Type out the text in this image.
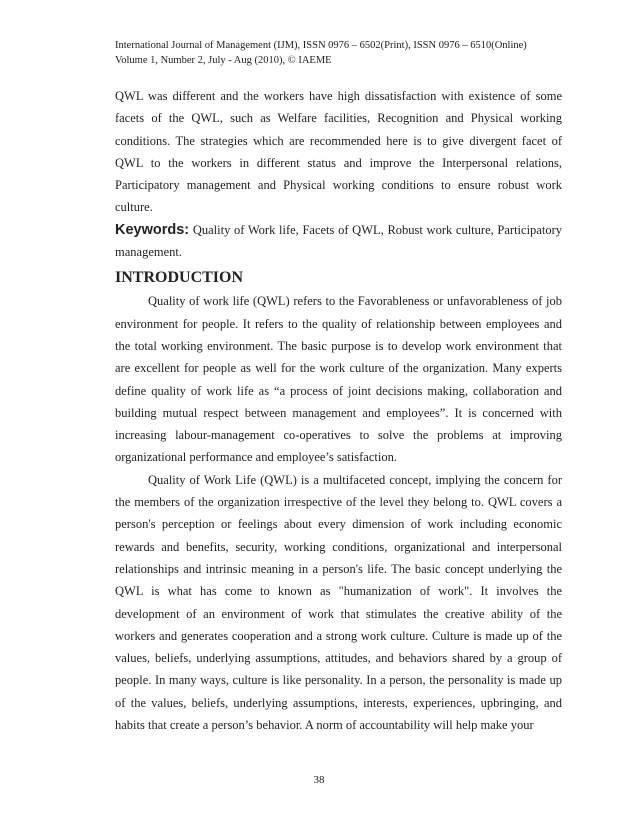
International Journal of Management (IJM), ISSN 0976 – 6502(Print), ISSN 0976 – 6510(Online)
Volume 1, Number 2, July - Aug (2010), © IAEME

QWL was different and the workers have high dissatisfaction with existence of some facets of the QWL, such as Welfare facilities, Recognition and Physical working conditions. The strategies which are recommended here is to give divergent facet of QWL to the workers in different status and improve the Interpersonal relations, Participatory management and Physical working conditions to ensure robust work culture.

Keywords: Quality of Work life, Facets of QWL, Robust work culture, Participatory management.

INTRODUCTION

Quality of work life (QWL) refers to the Favorableness or unfavorableness of job environment for people. It refers to the quality of relationship between employees and the total working environment. The basic purpose is to develop work environment that are excellent for people as well for the work culture of the organization. Many experts define quality of work life as “a process of joint decisions making, collaboration and building mutual respect between management and employees”. It is concerned with increasing labour-management co-operatives to solve the problems at improving organizational performance and employee’s satisfaction.

Quality of Work Life (QWL) is a multifaceted concept, implying the concern for the members of the organization irrespective of the level they belong to. QWL covers a person's perception or feelings about every dimension of work including economic rewards and benefits, security, working conditions, organizational and interpersonal relationships and intrinsic meaning in a person's life. The basic concept underlying the QWL is what has come to known as "humanization of work". It involves the development of an environment of work that stimulates the creative ability of the workers and generates cooperation and a strong work culture. Culture is made up of the values, beliefs, underlying assumptions, attitudes, and behaviors shared by a group of people. In many ways, culture is like personality. In a person, the personality is made up of the values, beliefs, underlying assumptions, interests, experiences, upbringing, and habits that create a person’s behavior. A norm of accountability will help make your

38
